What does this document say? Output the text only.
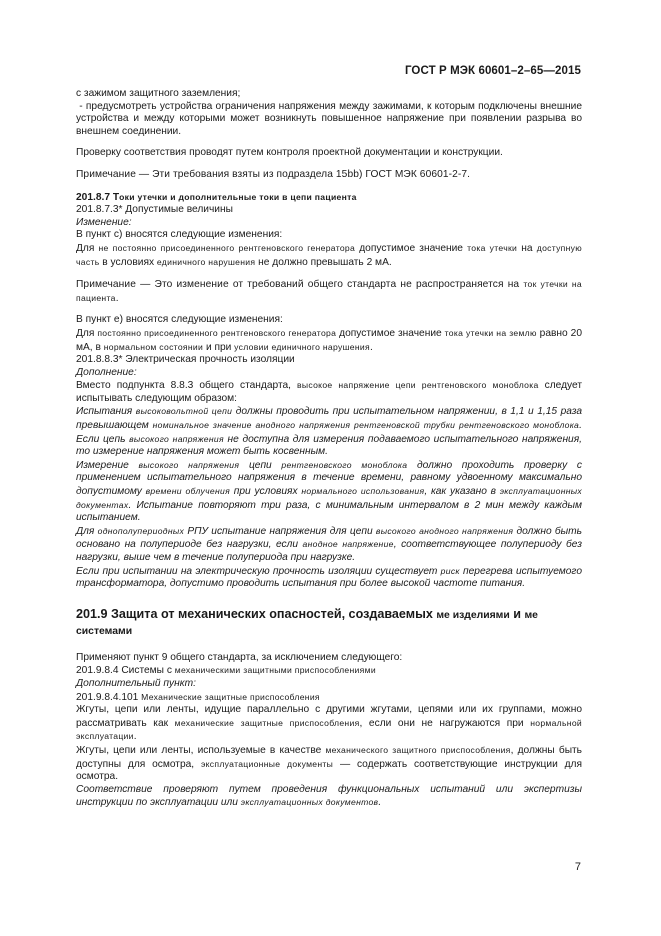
ГОСТ Р МЭК 60601–2–65—2015

с зажимом защитного заземления;

- предусмотреть устройства ограничения напряжения между зажимами, к которым подключены внешние устройства и между которыми может возникнуть повышенное напряжение при появлении разрыва во внешнем соединении.

Проверку соответствия проводят путем контроля проектной документации и конструкции.

Примечание — Эти требования взяты из подраздела 15bb) ГОСТ МЭК 60601-2-7.

201.8.7 Токи утечки и дополнительные токи в цепи пациента

201.8.7.3* Допустимые величины

Изменение:

В пункт с) вносятся следующие изменения:

Для не постоянно присоединенного рентгеновского генератора допустимое значение тока утечки на доступную часть в условиях единичного нарушения не должно превышать 2 мА.

Примечание — Это изменение от требований общего стандарта не распространяется на ток утечки на пациента.

В пункт е) вносятся следующие изменения:

Для постоянно присоединенного рентгеновского генератора допустимое значение тока утечки на землю равно 20 мА, в нормальном состоянии и при условии единичного нарушения.

201.8.8.3* Электрическая прочность изоляции

Дополнение:

Вместо подпункта 8.8.3 общего стандарта, высокое напряжение цепи рентгеновского моноблока следует испытывать следующим образом:

Испытания высоковольтной цепи должны проводить при испытательном напряжении, в 1,1 и 1,15 раза превышающем номинальное значение анодного напряжения рентгеновской трубки рентгеновского моноблока. Если цепь высокого напряжения не доступна для измерения подаваемого испытательного напряжения, то измерение напряжения может быть косвенным.

Измерение высокого напряжения цепи рентгеновского моноблока должно проходить проверку с применением испытательного напряжения в течение времени, равному удвоенному максимально допустимому времени облучения при условиях нормального использования, как указано в эксплуатационных документах. Испытание повторяют три раза, с минимальным интервалом в 2 мин между каждым испытанием.

Для однополупериодных РПУ испытание напряжения для цепи высокого анодного напряжения должно быть основано на полупериоде без нагрузки, если анодное напряжение, соответствующее полупериоду без нагрузки, выше чем в течение полупериода при нагрузке.

Если при испытании на электрическую прочность изоляции существует риск перегрева испытуемого трансформатора, допустимо проводить испытания при более высокой частоте питания.

201.9 Защита от механических опасностей, создаваемых ме изделиями и ме системами

Применяют пункт 9 общего стандарта, за исключением следующего:

201.9.8.4 Системы с механическими защитными приспособлениями

Дополнительный пункт:

201.9.8.4.101 Механические защитные приспособления

Жгуты, цепи или ленты, идущие параллельно с другими жгутами, цепями или их группами, можно рассматривать как механические защитные приспособления, если они не нагружаются при нормальной эксплуатации.

Жгуты, цепи или ленты, используемые в качестве механического защитного приспособления, должны быть доступны для осмотра, эксплуатационные документы — содержать соответствующие инструкции для осмотра.

Соответствие проверяют путем проведения функциональных испытаний или экспертизы инструкции по эксплуатации или эксплуатационных документов.

7
